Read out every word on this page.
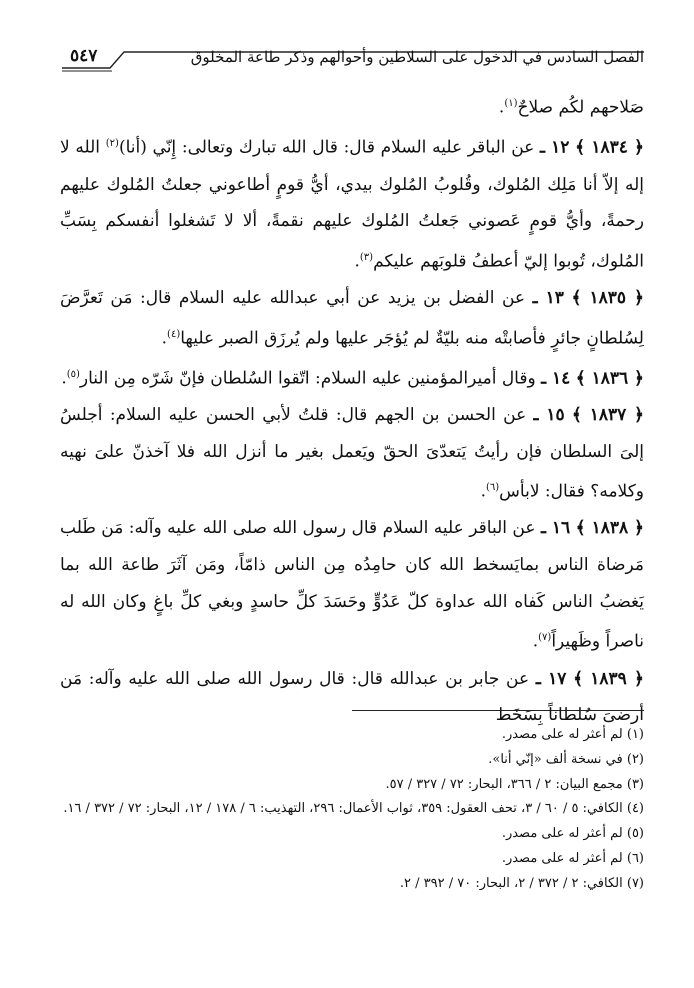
٥٤٧	الفصل السادس في الدخول على السلاطين وأحوالهم وذكر طاعة المخلوق

صَلاحهم لكُم صلاحٌ$^{(١)}$.

﴿ ١٨٣٤ ﴾ ١٢ ـ عن الباقر عليه السلام قال: قال الله تبارك وتعالى: إِنّي (أنا)$^{(٢)}$ الله لا إله إلاّ أنا مَلِك المُلوك، وقُلوبُ المُلوك بيدي، أيُّ قومٍ أطاعوني جعلتُ المُلوك عليهم رحمةً، وأيُّ قومٍ عَصوني جَعلتُ المُلوك عليهم نقمةً، ألا لا تَشغلوا أنفسكم بِسَبِّ المُلوك، تُوبوا إليّ أعطفُ قلوبَهم عليكم$^{(٣)}$.

﴿ ١٨٣٥ ﴾ ١٣ ـ عن الفضل بن يزيد عن أبي عبدالله عليه السلام قال: مَن تَعرَّضَ لِسُلطانٍ جائرٍ فأصابتْه منه بليّةٌ لم يُؤجَر عليها ولم يُرزَق الصبر عليها$^{(٤)}$.

﴿ ١٨٣٦ ﴾ ١٤ ـ وقال أميرالمؤمنين عليه السلام: اتّقوا السُلطان فإنّ شَرّه مِن النار$^{(٥)}$.

﴿ ١٨٣٧ ﴾ ١٥ ـ عن الحسن بن الجهم قال: قلتُ لأبي الحسن عليه السلام: أجلسُ إلىَ السلطان فإن رأيتُ يَتعدّىَ الحقّ ويَعمل بغير ما أنزل الله فلا آخذنّ علىَ نهيه وكلامه؟ فقال: لابأس$^{(٦)}$.

﴿ ١٨٣٨ ﴾ ١٦ ـ عن الباقر عليه السلام قال رسول الله صلى الله عليه وآله: مَن طَلب مَرضاة الناس بمايَسخط الله كان حامِدُه مِن الناس ذامّاً، ومَن آثَرَ طاعة الله بما يَغضبُ الناس كَفاه الله عداوة كلّ عَدُوٍّ وحَسَدَ كلِّ حاسدٍ وبغي كلِّ باغٍ وكان الله له ناصراً وظَهيراً$^{(٧)}$.

﴿ ١٨٣٩ ﴾ ١٧ ـ عن جابر بن عبدالله قال: قال رسول الله صلى الله عليه وآله: مَن أرضىَ سُلطاناً بِسَخَط

(١) لم أعثر له على مصدر.
(٢) في نسخة ألف «إنّي أنا».
(٣) مجمع البيان: ٢ / ٣٦٦، البحار: ٧٢ / ٣٢٧ / ٥٧.
(٤) الكافي: ٥ / ٦٠ / ٣، تحف العقول: ٣٥٩، ثواب الأعمال: ٢٩٦، التهذيب: ٦ / ١٧٨ / ١٢، البحار: ٧٢ / ٣٧٢ / ١٦.
(٥) لم أعثر له على مصدر.
(٦) لم أعثر له على مصدر.
(٧) الكافي: ٢ / ٣٧٢ / ٢، البحار: ٧٠ / ٣٩٢ / ٢.
